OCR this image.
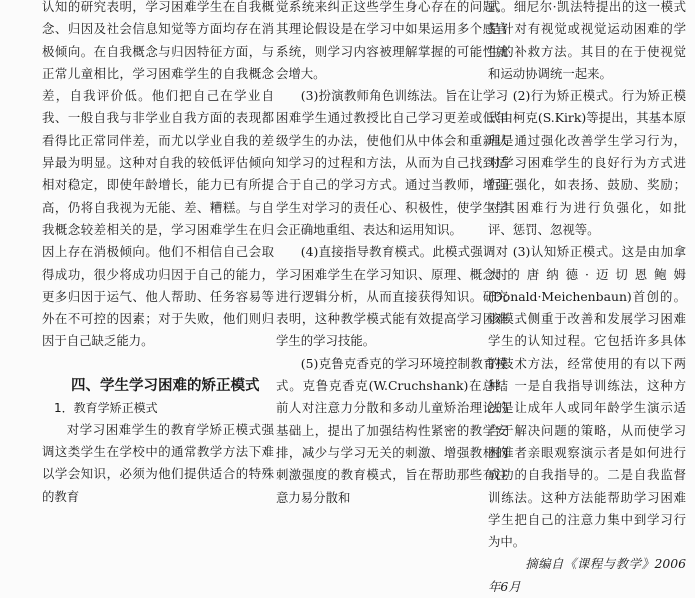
认知的研究表明，学习困难学生在自我概念、归因及社会信息知觉等方面均存在消极倾向。在自我概念与归因特征方面，与正常儿童相比，学习困难学生的自我概念差，自我评价低。他们把自己在学业自我、一般自我与非学业自我方面的表现都看得比正常同伴差，而尤以学业自我的差异最为明显。这种对自我的较低评估倾向相对稳定，即使年龄增长，能力已有所提高，仍将自我视为无能、差、糟糕。与自我概念较差相关的是，学习困难学生在归因上存在消极倾向。他们不相信自己会取得成功，很少将成功归因于自己的能力，更多归因于运气、他人帮助、任务容易等外在不可控的因素；对于失败，他们则归因于自己缺乏能力。

四、学生学习困难的矫正模式

1．教育学矫正模式

对学习困难学生的教育学矫正模式强调这类学生在学校中的通常教学方法下难以学会知识，必须为他们提供适合的特殊的教育

觉系统来纠正这些学生身心存在的问题。其理论假设是在学习中如果运用多个感官系统，则学习内容被理解掌握的可能性就会增大。

(3)扮演教师角色训练法。旨在让学习困难学生通过教授比自己学习更差或低年级学生的办法，使他们从中体会和重新认知学习的过程和方法，从而为自己找到适合于自己的学习方式。通过当教师，增强学生对学习的责任心、积极性，使学生学会正确地重组、表达和运用知识。

(4)直接指导教育模式。此模式强调对学习困难学生在学习知识、原理、概念时进行逻辑分析，从而直接获得知识。研究表明，这种教学模式能有效提高学习困难学生的学习技能。

(5)克鲁克香克的学习环境控制教育模式。克鲁克香克(W.Cruchshank)在总结前人对注意力分散和多动儿童矫治理论的基础上，提出了加强结构性紧密的教学安排，减少与学习无关的刺激、增强教材的刺激强度的教育模式，旨在帮助那些有注意力易分散和

式。细尼尔·凯法特提出的这一模式是针对有视觉或视觉运动困难的学生的补救方法。其目的在于使视觉和运动协调统一起来。

(2)行为矫正模式。行为矫正模式由柯克(S.Kirk)等提出，其基本原理是通过强化改善学生学习行为，对学习困难学生的良好行为方式进行正强化，如表扬、鼓励、奖励；对其困难行为进行负强化，如批评、惩罚、忽视等。

(3)认知矫正模式。这是由加拿大的唐纳德·迈切恩鲍姆(Donald·Meichenbaun)首创的。该模式侧重于改善和发展学习困难学生的认知过程。它包括许多具体的技术方法，经常使用的有以下两种：一是自我指导训练法，这种方法是让成年人或同年龄学生演示适合于解决问题的策略，从而使学习困难者亲眼观察演示者是如何进行成功的自我指导的。二是自我监督训练法。这种方法能帮助学习困难学生把自己的注意力集中到学习行为中。

摘编自《课程与教学》2006年6月
